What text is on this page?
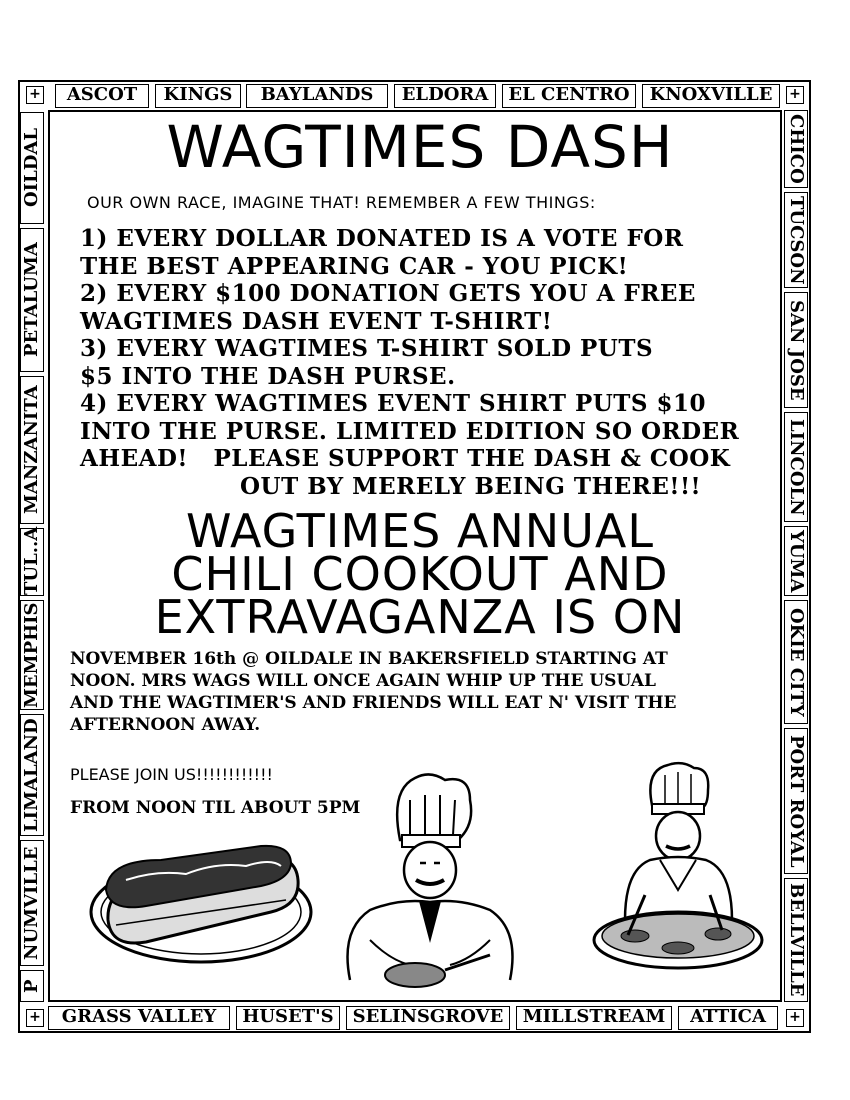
+	+
+	+
ASCOT	KINGS	BAYLANDS	ELDORA	EL CENTRO	KNOXVILLE
GRASS VALLEY	HUSET'S	SELINSGROVE	MILLSTREAM	ATTICA
CHICO
TUCSON
SAN JOSE
LINCOLN
YUMA
OKIE CITY
PORT ROYAL
BELLVILLE
P
NUMVILLE
LIMALAND
MEMPHIS
TUL..A
MANZANITA
PETALUMA
OILDAL	WAGTIMES DASH
OUR OWN RACE, IMAGINE THAT! REMEMBER A FEW THINGS:
1) EVERY DOLLAR DONATED IS A VOTE FOR
THE BEST APPEARING CAR - YOU PICK!
2) EVERY $100 DONATION GETS YOU A FREE
WAGTIMES DASH EVENT T-SHIRT!
3) EVERY WAGTIMES T-SHIRT SOLD PUTS
$5 INTO THE DASH PURSE.
4) EVERY WAGTIMES EVENT SHIRT PUTS $10
INTO THE PURSE. LIMITED EDITION SO ORDER
AHEAD!   PLEASE SUPPORT THE DASH & COOK
OUT BY MERELY BEING THERE!!!
WAGTIMES ANNUAL
CHILI COOKOUT AND
EXTRAVAGANZA IS ON
NOVEMBER 16th @ OILDALE IN BAKERSFIELD STARTING AT
NOON. MRS WAGS WILL ONCE AGAIN WHIP UP THE USUAL
AND THE WAGTIMER'S AND FRIENDS WILL EAT N' VISIT THE
AFTERNOON AWAY.
PLEASE JOIN US!!!!!!!!!!!!
FROM NOON TIL ABOUT 5PM
